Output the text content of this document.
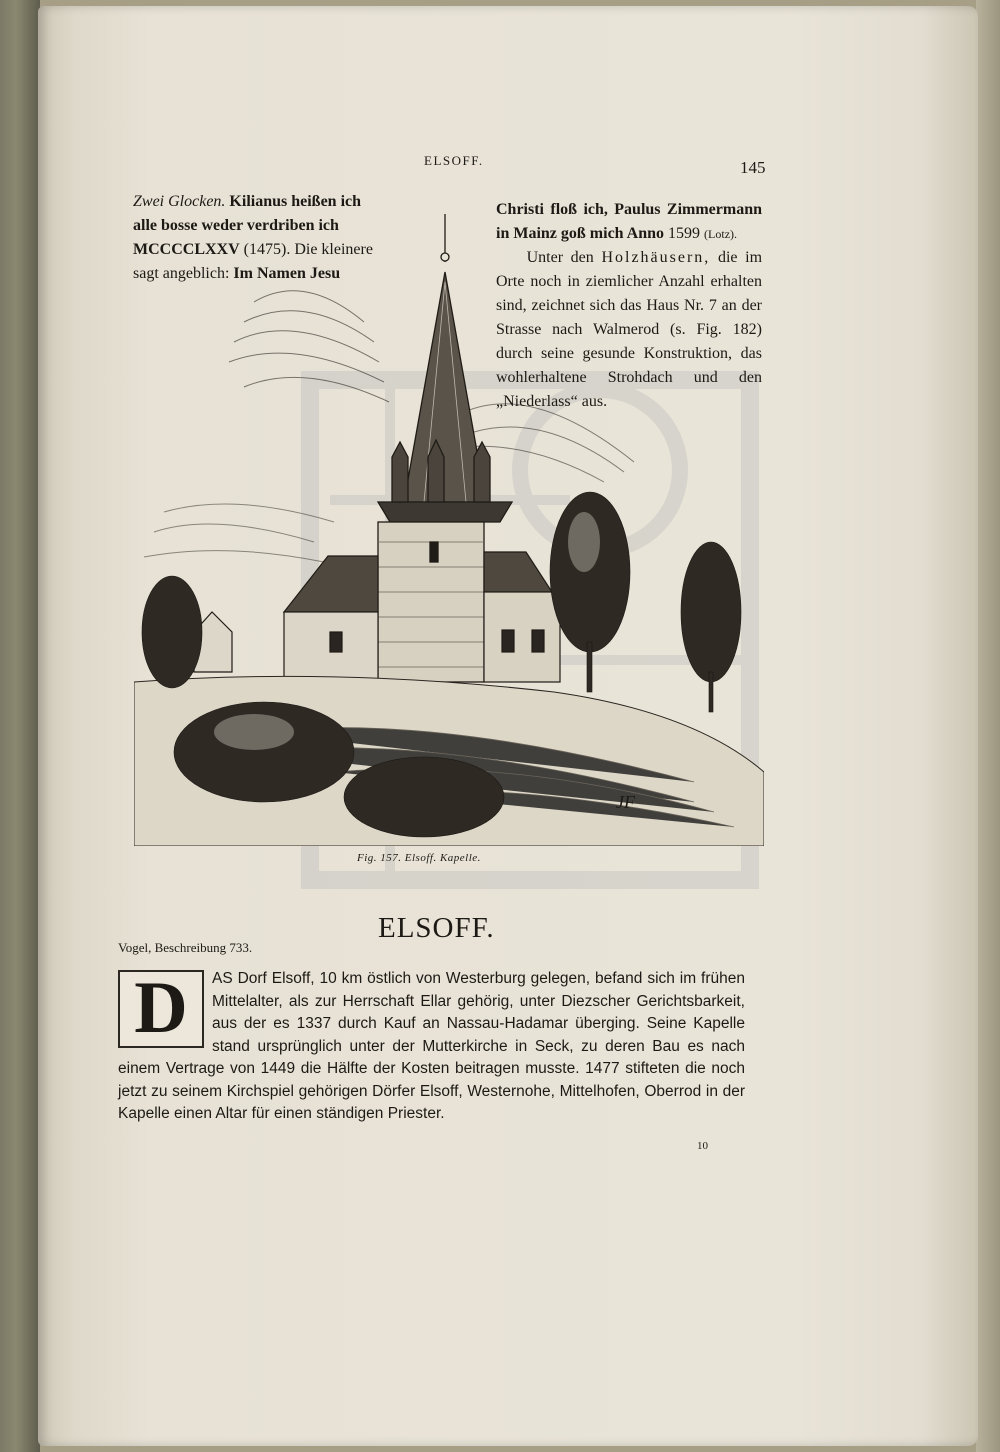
ELSOFF.	145
Zwei Glocken. Kilianus heißen ich alle bosse weder verdriben ich MCCCCLXXV (1475). Die kleinere sagt angeblich: Im Namen Jesu
Christi floß ich, Paulus Zimmermann in Mainz goß mich Anno 1599 (Lotz).
Unter den Holzhäusern, die im Orte noch in ziemlicher Anzahl erhalten sind, zeichnet sich das Haus Nr. 7 an der Strasse nach Walmerod (s. Fig. 182) durch seine gesunde Konstruktion, das wohlerhaltene Strohdach und den „Niederlass“ aus.
JF
Fig. 157. Elsoff. Kapelle.
ELSOFF.
Vogel, Beschreibung 733.
D	AS Dorf Elsoff, 10 km östlich von Westerburg gelegen, befand sich im frühen Mittelalter, als zur Herrschaft Ellar gehörig, unter Diezscher Gerichtsbarkeit, aus der es 1337 durch Kauf an Nassau-Hadamar überging. Seine Kapelle stand ursprünglich unter der Mutterkirche in Seck, zu deren Bau es nach einem Vertrage von 1449 die Hälfte der Kosten beitragen musste. 1477 stifteten die noch jetzt zu seinem Kirchspiel gehörigen Dörfer Elsoff, Westernohe, Mittelhofen, Oberrod in der Kapelle einen Altar für einen ständigen Priester.
10
